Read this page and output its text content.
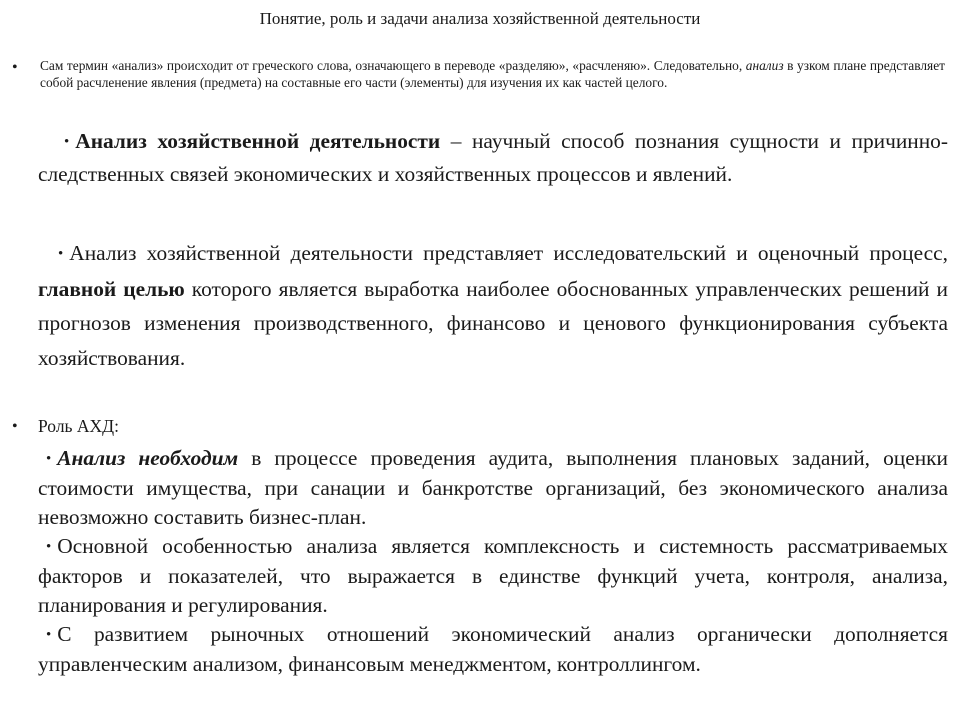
Понятие, роль и задачи анализа хозяйственной деятельности
• Сам термин «анализ» происходит от греческого слова, означающего в переводе «разделяю», «расчленяю». Следовательно, анализ в узком плане представляет собой расчленение явления (предмета) на составные его части (элементы) для изучения их как частей целого.
• Анализ хозяйственной деятельности – научный способ познания сущности и причинно-следственных связей экономических и хозяйственных процессов и явлений.
• Анализ хозяйственной деятельности представляет исследовательский и оценочный процесс, главной целью которого является выработка наиболее обоснованных управленческих решений и прогнозов изменения производственного, финансово и ценового функционирования субъекта хозяйствования.
• Роль АХД:
• Анализ необходим в процессе проведения аудита, выполнения плановых заданий, оценки стоимости имущества, при санации и банкротстве организаций, без экономического анализа невозможно составить бизнес-план.
• Основной особенностью анализа является комплексность и системность рассматриваемых факторов и показателей, что выражается в единстве функций учета, контроля, анализа, планирования и регулирования.
• С развитием рыночных отношений экономический анализ органически дополняется управленческим анализом, финансовым менеджментом, контроллингом.
